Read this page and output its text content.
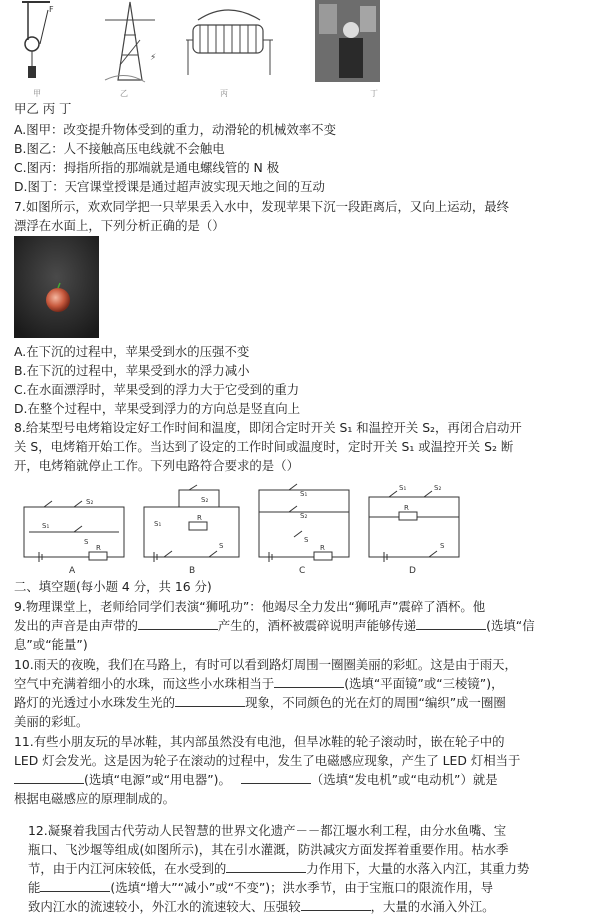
F
甲
⚡
乙	丙	丁
甲乙 丙 丁
A.图甲：改变提升物体受到的重力，动滑轮的机械效率不变
B.图乙：人不接触高压电线就不会触电
C.图丙：拇指所指的那端就是通电螺线管的 N 极
D.图丁：天宫课堂授课是通过超声波实现天地之间的互动
7.如图所示，欢欢同学把一只苹果丢入水中，发现苹果下沉一段距离后，又向上运动，最终
漂浮在水面上，下列分析正确的是（）
A.在下沉的过程中，苹果受到水的压强不变
B.在下沉的过程中，苹果受到水的浮力减小
C.在水面漂浮时，苹果受到的浮力大于它受到的重力
D.在整个过程中，苹果受到浮力的方向总是竖直向上
8.给某型号电烤箱设定好工作时间和温度，即闭合定时开关 S₁ 和温控开关 S₂，再闭合启动开
关 S，电烤箱开始工作。当达到了设定的工作时间或温度时，定时开关 S₁ 或温控开关 S₂ 断
开，电烤箱就停止工作。下列电路符合要求的是（）
S₁
S₂
S
R
S₂
S₁
R
S
S₁
S₂
S
R
S₁	S₂
R
S
A	B	C	D
二、填空题(每小题 4 分，共 16 分)
9.物理课堂上，老师给同学们表演“狮吼功”：他竭尽全力发出“狮吼声”震碎了酒杯。他
发出的声音是由声带的	产生的，酒杯被震碎说明声能够传递	(选填“信
息”或“能量”)
10.雨天的夜晚，我们在马路上，有时可以看到路灯周围一圈圈美丽的彩虹。这是由于雨天，
空气中充满着细小的水珠，而这些小水珠相当于	(选填“平面镜”或“三棱镜”)，
路灯的光透过小水珠发生光的	现象，不同颜色的光在灯的周围“编织”成一圈圈
美丽的彩虹。
11.有些小朋友玩的旱冰鞋，其内部虽然没有电池，但旱冰鞋的轮子滚动时，嵌在轮子中的
LED 灯会发光。这是因为轮子在滚动的过程中，发生了电磁感应现象，产生了 LED 灯相当于
(选填“电源”或“用电器”)。	（选填“发电机”或“电动机”）就是
根据电磁感应的原理制成的。
12.凝聚着我国古代劳动人民智慧的世界文化遗产－－都江堰水利工程，由分水鱼嘴、宝
瓶口、飞沙堰等组成(如图所示)，其在引水灌溉，防洪减灾方面发挥着重要作用。枯水季
节，由于内江河床较低，在水受到的	力作用下，大量的水落入内江，其重力势
能	(选填“增大”“减小”或“不变”)；洪水季节，由于宝瓶口的限流作用，导
致内江水的流速较小，外江水的流速较大、压强较	，大量的水涌入外江。
